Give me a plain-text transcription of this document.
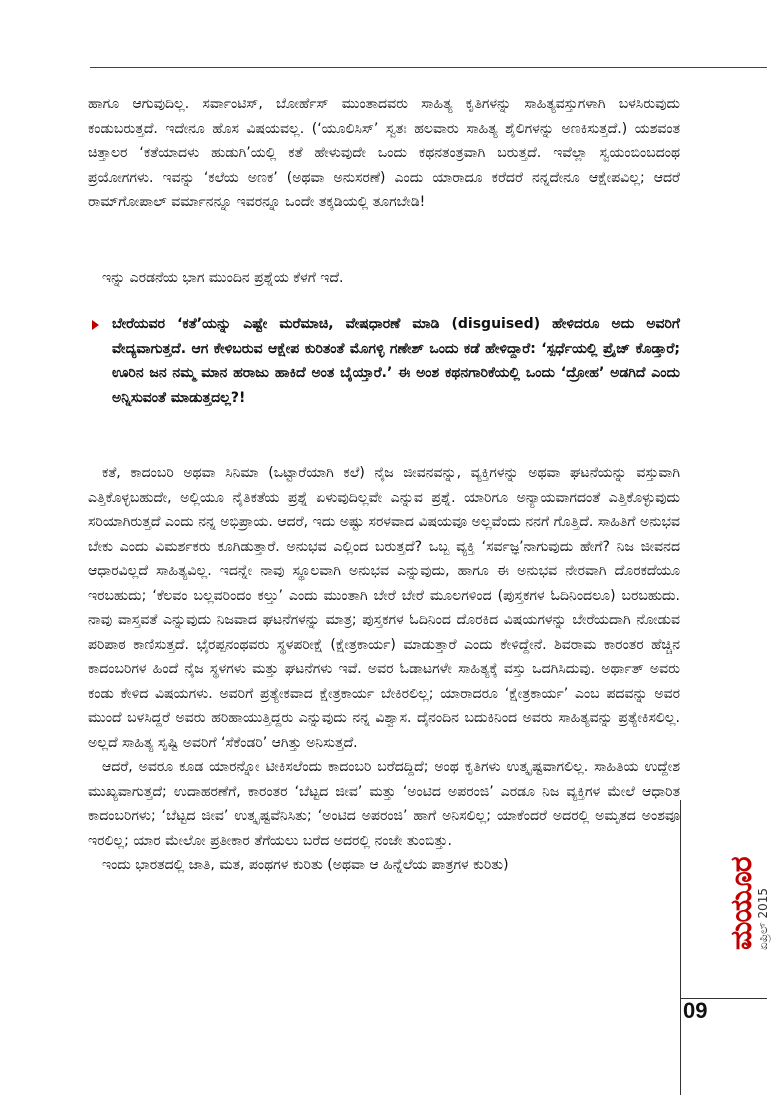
ಹಾಗೂ ಆಗುವುದಿಲ್ಲ. ಸರ್ವಾಂಟಿಸ್, ಬೋರ್ಹೆಸ್ ಮುಂತಾದವರು ಸಾಹಿತ್ಯ ಕೃತಿಗಳನ್ನು ಸಾಹಿತ್ಯವಸ್ತುಗಳಾಗಿ ಬಳಸಿರುವುದು ಕಂಡುಬರುತ್ತದೆ. ಇದೇನೂ ಹೊಸ ವಿಷಯವಲ್ಲ. (‘ಯೂಲಿಸಿಸ್’ ಸ್ವತಃ ಹಲವಾರು ಸಾಹಿತ್ಯ ಶೈಲಿಗಳನ್ನು ಅಣಕಿಸುತ್ತದೆ.) ಯಶವಂತ ಚಿತ್ತಾಲರ ‘ಕತೆಯಾದಳು ಹುಡುಗಿ’ಯಲ್ಲಿ ಕತೆ ಹೇಳುವುದೇ ಒಂದು ಕಥನತಂತ್ರವಾಗಿ ಬರುತ್ತದೆ. ಇವೆಲ್ಲಾ ಸ್ವಯಂಬಿಂಬದಂಥ ಪ್ರಯೋಗಗಳು. ಇವನ್ನು ‘ಕಲೆಯ ಅಣಕ’ (ಅಥವಾ ಅನುಸರಣೆ) ಎಂದು ಯಾರಾದೂ ಕರೆದರೆ ನನ್ನದೇನೂ ಆಕ್ಷೇಪವಿಲ್ಲ; ಆದರೆ ರಾಮ್‌ಗೋಪಾಲ್ ವರ್ಮಾನನ್ನೂ ಇವರನ್ನೂ ಒಂದೇ ತಕ್ಕಡಿಯಲ್ಲಿ ತೂಗಬೇಡಿ!
ಇನ್ನು ಎರಡನೆಯ ಭಾಗ ಮುಂದಿನ ಪ್ರಶ್ನೆಯ ಕೆಳಗೆ ಇದೆ.
ಬೇರೆಯವರ ‘ಕತೆ’ಯನ್ನು ಎಷ್ಟೇ ಮರೆಮಾಚಿ, ವೇಷಧಾರಣೆ ಮಾಡಿ (disguised) ಹೇಳಿದರೂ ಅದು ಅವರಿಗೆ ವೇದ್ಯವಾಗುತ್ತದೆ. ಆಗ ಕೇಳಿಬರುವ ಆಕ್ಷೇಪ ಕುರಿತಂತೆ ಮೊಗಳ್ಳಿ ಗಣೇಶ್ ಒಂದು ಕಡೆ ಹೇಳಿದ್ದಾರೆ: ‘ಸ್ಪರ್ಧೆಯಲ್ಲಿ ಪ್ರೈಜ್ ಕೊಡ್ತಾರೆ; ಊರಿನ ಜನ ನಮ್ಮ ಮಾನ ಹರಾಜು ಹಾಕಿದೆ ಅಂತ ಬೈಯ್ತಾರೆ.’ ಈ ಅಂಶ ಕಥನಗಾರಿಕೆಯಲ್ಲಿ ಒಂದು ‘ದ್ರೋಹ’ ಅಡಗಿದೆ ಎಂದು ಅನ್ನಿಸುವಂತೆ ಮಾಡುತ್ತದಲ್ಲ?!
ಕತೆ, ಕಾದಂಬರಿ ಅಥವಾ ಸಿನಿಮಾ (ಒಟ್ಟಾರೆಯಾಗಿ ಕಲೆ) ನೈಜ ಜೀವನವನ್ನು, ವ್ಯಕ್ತಿಗಳನ್ನು ಅಥವಾ ಘಟನೆಯನ್ನು ವಸ್ತುವಾಗಿ ಎತ್ತಿಕೊಳ್ಳಬಹುದೇ, ಅಲ್ಲಿಯೂ ನೈತಿಕತೆಯ ಪ್ರಶ್ನೆ ಏಳುವುದಿಲ್ಲವೇ ಎನ್ನುವ ಪ್ರಶ್ನೆ. ಯಾರಿಗೂ ಅನ್ಯಾಯವಾಗದಂತೆ ಎತ್ತಿಕೊಳ್ಳುವುದು ಸರಿಯಾಗಿರುತ್ತದೆ ಎಂದು ನನ್ನ ಅಭಿಪ್ರಾಯ. ಆದರೆ, ಇದು ಅಷ್ಟು ಸರಳವಾದ ವಿಷಯವೂ ಅಲ್ಲವೆಂದು ನನಗೆ ಗೊತ್ತಿದೆ. ಸಾಹಿತಿಗೆ ಅನುಭವ ಬೇಕು ಎಂದು ವಿಮರ್ಶಕರು ಕೂಗಿಡುತ್ತಾರೆ. ಅನುಭವ ಎಲ್ಲಿಂದ ಬರುತ್ತದೆ? ಒಬ್ಬ ವ್ಯಕ್ತಿ ‘ಸರ್ವಜ್ಞ’ನಾಗುವುದು ಹೇಗೆ? ನಿಜ ಜೀವನದ ಆಧಾರವಿಲ್ಲದೆ ಸಾಹಿತ್ಯವಿಲ್ಲ. ಇದನ್ನೇ ನಾವು ಸ್ಥೂಲವಾಗಿ ಅನುಭವ ಎನ್ನುವುದು, ಹಾಗೂ ಈ ಅನುಭವ ನೇರವಾಗಿ ದೊರಕದೆಯೂ ಇರಬಹುದು; ‘ಕೆಲವಂ ಬಲ್ಲವರಿಂದಂ ಕಲ್ತು’ ಎಂದು ಮುಂತಾಗಿ ಬೇರೆ ಬೇರೆ ಮೂಲಗಳಿಂದ (ಪುಸ್ತಕಗಳ ಓದಿನಿಂದಲೂ) ಬರಬಹುದು. ನಾವು ವಾಸ್ತವತೆ ಎನ್ನುವುದು ನಿಜವಾದ ಘಟನೆಗಳನ್ನು ಮಾತ್ರ; ಪುಸ್ತಕಗಳ ಓದಿನಿಂದ ದೊರಕಿದ ವಿಷಯಗಳನ್ನು ಬೇರೆಯದಾಗಿ ನೋಡುವ ಪರಿಪಾಠ ಕಾಣಿಸುತ್ತದೆ. ಭೈರಪ್ಪನಂಥವರು ಸ್ಥಳಪರೀಕ್ಷೆ (ಕ್ಷೇತ್ರಕಾರ್ಯ) ಮಾಡುತ್ತಾರೆ ಎಂದು ಕೇಳಿದ್ದೇನೆ. ಶಿವರಾಮ ಕಾರಂತರ ಹೆಚ್ಚಿನ ಕಾದಂಬರಿಗಳ ಹಿಂದೆ ನೈಜ ಸ್ಥಳಗಳು ಮತ್ತು ಘಟನೆಗಳು ಇವೆ. ಅವರ ಓಡಾಟಗಳೇ ಸಾಹಿತ್ಯಕ್ಕೆ ವಸ್ತು ಒದಗಿಸಿದುವು. ಅರ್ಥಾತ್ ಅವರು ಕಂಡು ಕೇಳಿದ ವಿಷಯಗಳು. ಅವರಿಗೆ ಪ್ರತ್ಯೇಕವಾದ ಕ್ಷೇತ್ರಕಾರ್ಯ ಬೇಕಿರಲಿಲ್ಲ; ಯಾರಾದರೂ ‘ಕ್ಷೇತ್ರಕಾರ್ಯ’ ಎಂಬ ಪದವನ್ನು ಅವರ ಮುಂದೆ ಬಳಸಿದ್ದರೆ ಅವರು ಹರಿಹಾಯುತ್ತಿದ್ದರು ಎನ್ನುವುದು ನನ್ನ ವಿಶ್ವಾಸ. ದೈನಂದಿನ ಬದುಕಿನಿಂದ ಅವರು ಸಾಹಿತ್ಯವನ್ನು ಪ್ರತ್ಯೇಕಿಸಲಿಲ್ಲ. ಅಲ್ಲದೆ ಸಾಹಿತ್ಯ ಸೃಷ್ಟಿ ಅವರಿಗೆ ‘ಸೆಕೆಂಡರಿ’ ಆಗಿತ್ತು ಅನಿಸುತ್ತದೆ.
ಆದರೆ, ಅವರೂ ಕೂಡ ಯಾರನ್ನೋ ಟೀಕಿಸಲೆಂದು ಕಾದಂಬರಿ ಬರೆದದ್ದಿದೆ; ಅಂಥ ಕೃತಿಗಳು ಉತ್ಕೃಷ್ಟವಾಗಲಿಲ್ಲ. ಸಾಹಿತಿಯ ಉದ್ದೇಶ ಮುಖ್ಯವಾಗುತ್ತದೆ; ಉದಾಹರಣೆಗೆ, ಕಾರಂತರ ‘ಬೆಟ್ಟದ ಜೀವ’ ಮತ್ತು ‘ಅಂಟಿದ ಅಪರಂಜಿ’ ಎರಡೂ ನಿಜ ವ್ಯಕ್ತಿಗಳ ಮೇಲೆ ಆಧಾರಿತ ಕಾದಂಬರಿಗಳು; ‘ಬೆಟ್ಟದ ಜೀವ’ ಉತ್ಕೃಷ್ಟವೆನಿಸಿತು; ‘ಅಂಟಿದ ಅಪರಂಜಿ’ ಹಾಗೆ ಅನಿಸಲಿಲ್ಲ; ಯಾಕೆಂದರೆ ಅದರಲ್ಲಿ ಅಮೃತದ ಅಂಶವೂ ಇರಲಿಲ್ಲ; ಯಾರ ಮೇಲೋ ಪ್ರತೀಕಾರ ತೆಗೆಯಲು ಬರೆದ ಅದರಲ್ಲಿ ನಂಜೇ ತುಂಬಿತ್ತು.
ಇಂದು ಭಾರತದಲ್ಲಿ ಜಾತಿ, ಮತ, ಪಂಥಗಳ ಕುರಿತು (ಅಥವಾ ಆ ಹಿನ್ನೆಲೆಯ ಪಾತ್ರಗಳ ಕುರಿತು)	ಮಯೂರ
ಏಪ್ರಿಲ್ 2015
09
